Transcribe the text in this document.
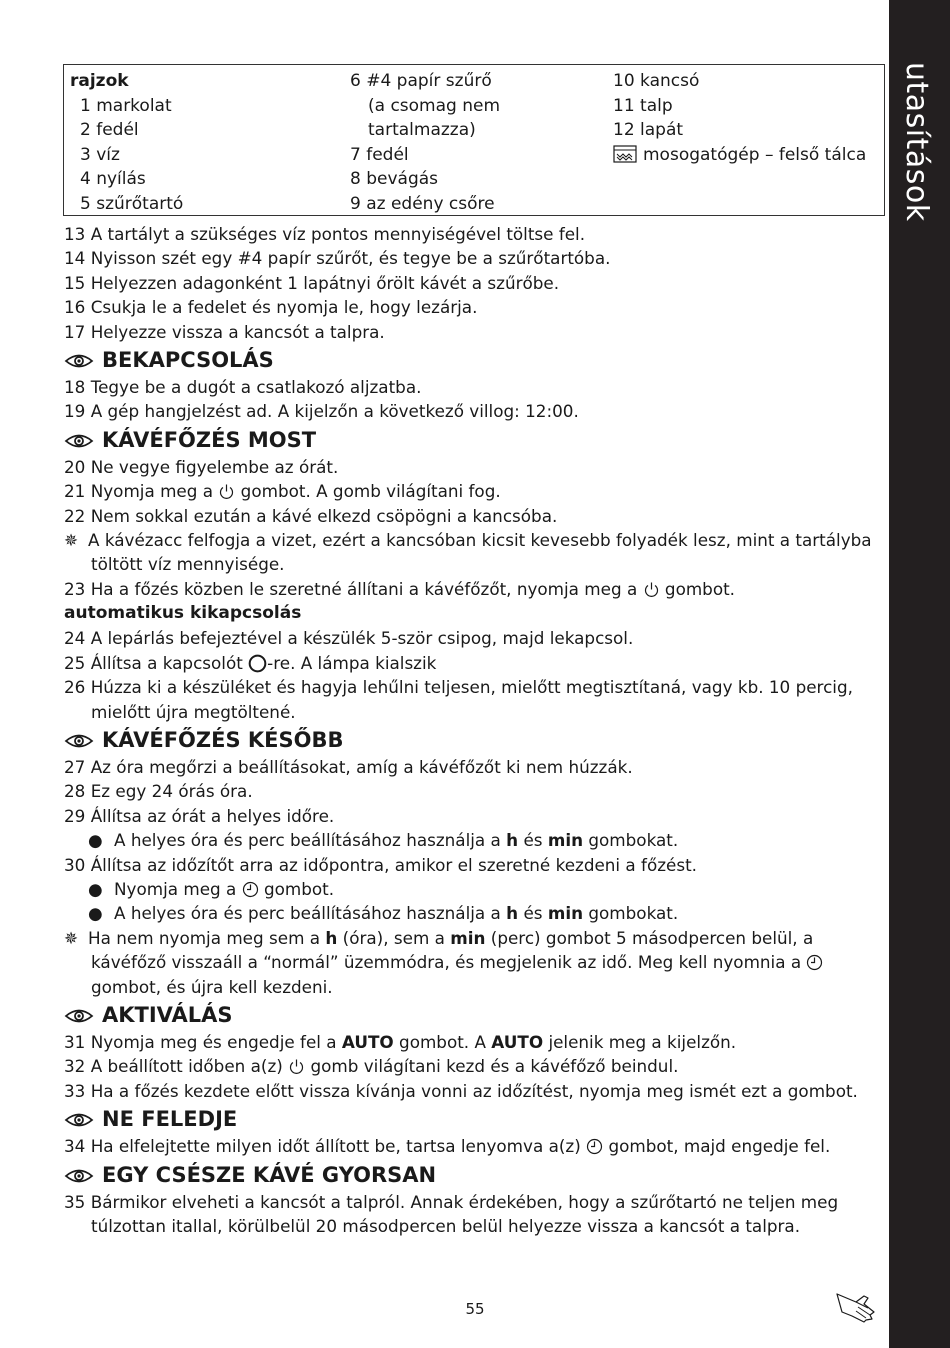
utasítások
rajzok
1 markolat
2 fedél
3 víz
4 nyílás
5 szűrőtartó
6 #4 papír szűrő
(a csomag nem
tartalmazza)
7 fedél
8 bevágás
9 az edény csőre
10 kancsó
11 talp
12 lapát
mosogatógép – felső tálca
13 A tartályt a szükséges víz pontos mennyiségével töltse fel.
14 Nyisson szét egy #4 papír szűrőt, és tegye be a szűrőtartóba.
15 Helyezzen adagonként 1 lapátnyi őrölt kávét a szűrőbe.
16 Csukja le a fedelet és nyomja le, hogy lezárja.
17 Helyezze vissza a kancsót a talpra.
BEKAPCSOLÁS
18 Tegye be a dugót a csatlakozó aljzatba.
19 A gép hangjelzést ad. A kijelzőn a következő villog: 12:00.
KÁVÉFŐZÉS MOST
20 Ne vegye figyelembe az órát.
21 Nyomja meg a  gombot. A gomb világítani fog.
22 Nem sokkal ezután a kávé elkezd csöpögni a kancsóba.
✵ A kávézacc felfogja a vizet, ezért a kancsóban kicsit kevesebb folyadék lesz, mint a tartályba
töltött víz mennyisége.
23 Ha a főzés közben le szeretné állítani a kávéfőzőt, nyomja meg a  gombot.
automatikus kikapcsolás
24 A lepárlás befejeztével a készülék 5-ször csipog, majd lekapcsol.
25 Állítsa a kapcsolót -re. A lámpa kialszik
26 Húzza ki a készüléket és hagyja lehűlni teljesen, mielőtt megtisztítaná, vagy kb. 10 percig,
mielőtt újra megtöltené.
KÁVÉFŐZÉS KÉSŐBB
27 Az óra megőrzi a beállításokat, amíg a kávéfőzőt ki nem húzzák.
28 Ez egy 24 órás óra.
29 Állítsa az órát a helyes időre.
● A helyes óra és perc beállításához használja a h és min gombokat.
30 Állítsa az időzítőt arra az időpontra, amikor el szeretné kezdeni a főzést.
● Nyomja meg a  gombot.
● A helyes óra és perc beállításához használja a h és min gombokat.
✵ Ha nem nyomja meg sem a h (óra), sem a min (perc) gombot 5 másodpercen belül, a
kávéfőző visszaáll a “normál” üzemmódra, és megjelenik az idő. Meg kell nyomnia a
gombot, és újra kell kezdeni.
AKTIVÁLÁS
31 Nyomja meg és engedje fel a AUTO gombot. A AUTO jelenik meg a kijelzőn.
32 A beállított időben a(z)  gomb világítani kezd és a kávéfőző beindul.
33 Ha a főzés kezdete előtt vissza kívánja vonni az időzítést, nyomja meg ismét ezt a gombot.
NE FELEDJE
34 Ha elfelejtette milyen időt állított be, tartsa lenyomva a(z)  gombot, majd engedje fel.
EGY CSÉSZE KÁVÉ GYORSAN
35 Bármikor elveheti a kancsót a talpról. Annak érdekében, hogy a szűrőtartó ne teljen meg
túlzottan itallal, körülbelül 20 másodpercen belül helyezze vissza a kancsót a talpra.
55
